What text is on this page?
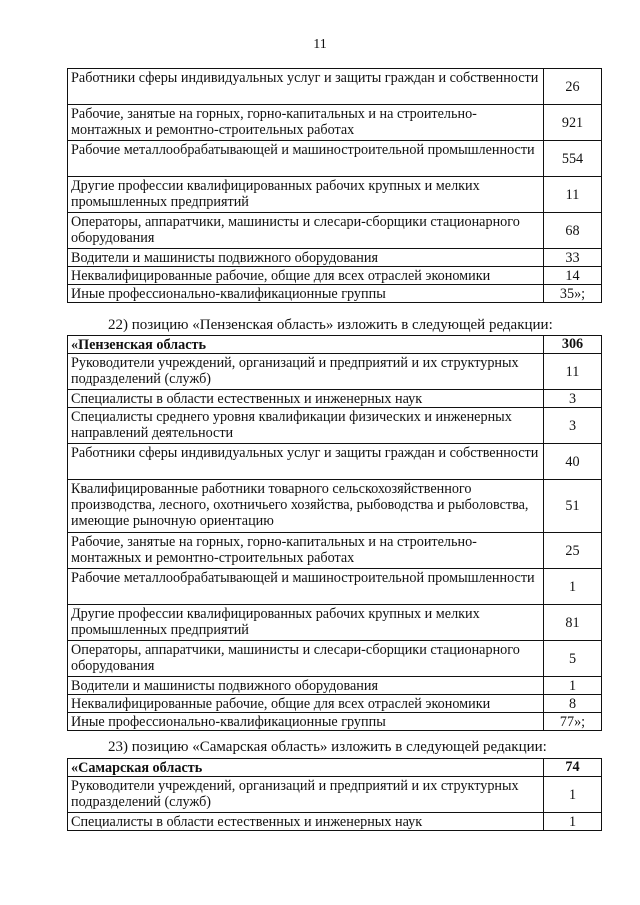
11
Работники сферы индивидуальных услуг и защиты граждан и собственности	26
Рабочие, занятые на горных, горно-капитальных и на строительно-монтажных и ремонтно-строительных работах	921
Рабочие металлообрабатывающей и машиностроительной промышленности	554
Другие профессии квалифицированных рабочих крупных и мелких промышленных предприятий	11
Операторы, аппаратчики, машинисты и слесари-сборщики стационарного оборудования	68
Водители и машинисты подвижного оборудования	33
Неквалифицированные рабочие, общие для всех отраслей экономики	14
Иные профессионально-квалификационные группы	35»;
22) позицию «Пензенская область» изложить в следующей редакции:
«Пензенская область	306
Руководители учреждений, организаций и предприятий и их структурных подразделений (служб)	11
Специалисты в области естественных и инженерных наук	3
Специалисты среднего уровня квалификации физических и инженерных направлений деятельности	3
Работники сферы индивидуальных услуг и защиты граждан и собственности	40
Квалифицированные работники товарного сельскохозяйственного производства, лесного, охотничьего хозяйства, рыбоводства и рыболовства, имеющие рыночную ориентацию	51
Рабочие, занятые на горных, горно-капитальных и на строительно-монтажных и ремонтно-строительных работах	25
Рабочие металлообрабатывающей и машиностроительной промышленности	1
Другие профессии квалифицированных рабочих крупных и мелких промышленных предприятий	81
Операторы, аппаратчики, машинисты и слесари-сборщики стационарного оборудования	5
Водители и машинисты подвижного оборудования	1
Неквалифицированные рабочие, общие для всех отраслей экономики	8
Иные профессионально-квалификационные группы	77»;
23) позицию «Самарская область» изложить в следующей редакции:
«Самарская область	74
Руководители учреждений, организаций и предприятий и их структурных подразделений (служб)	1
Специалисты в области естественных и инженерных наук	1
